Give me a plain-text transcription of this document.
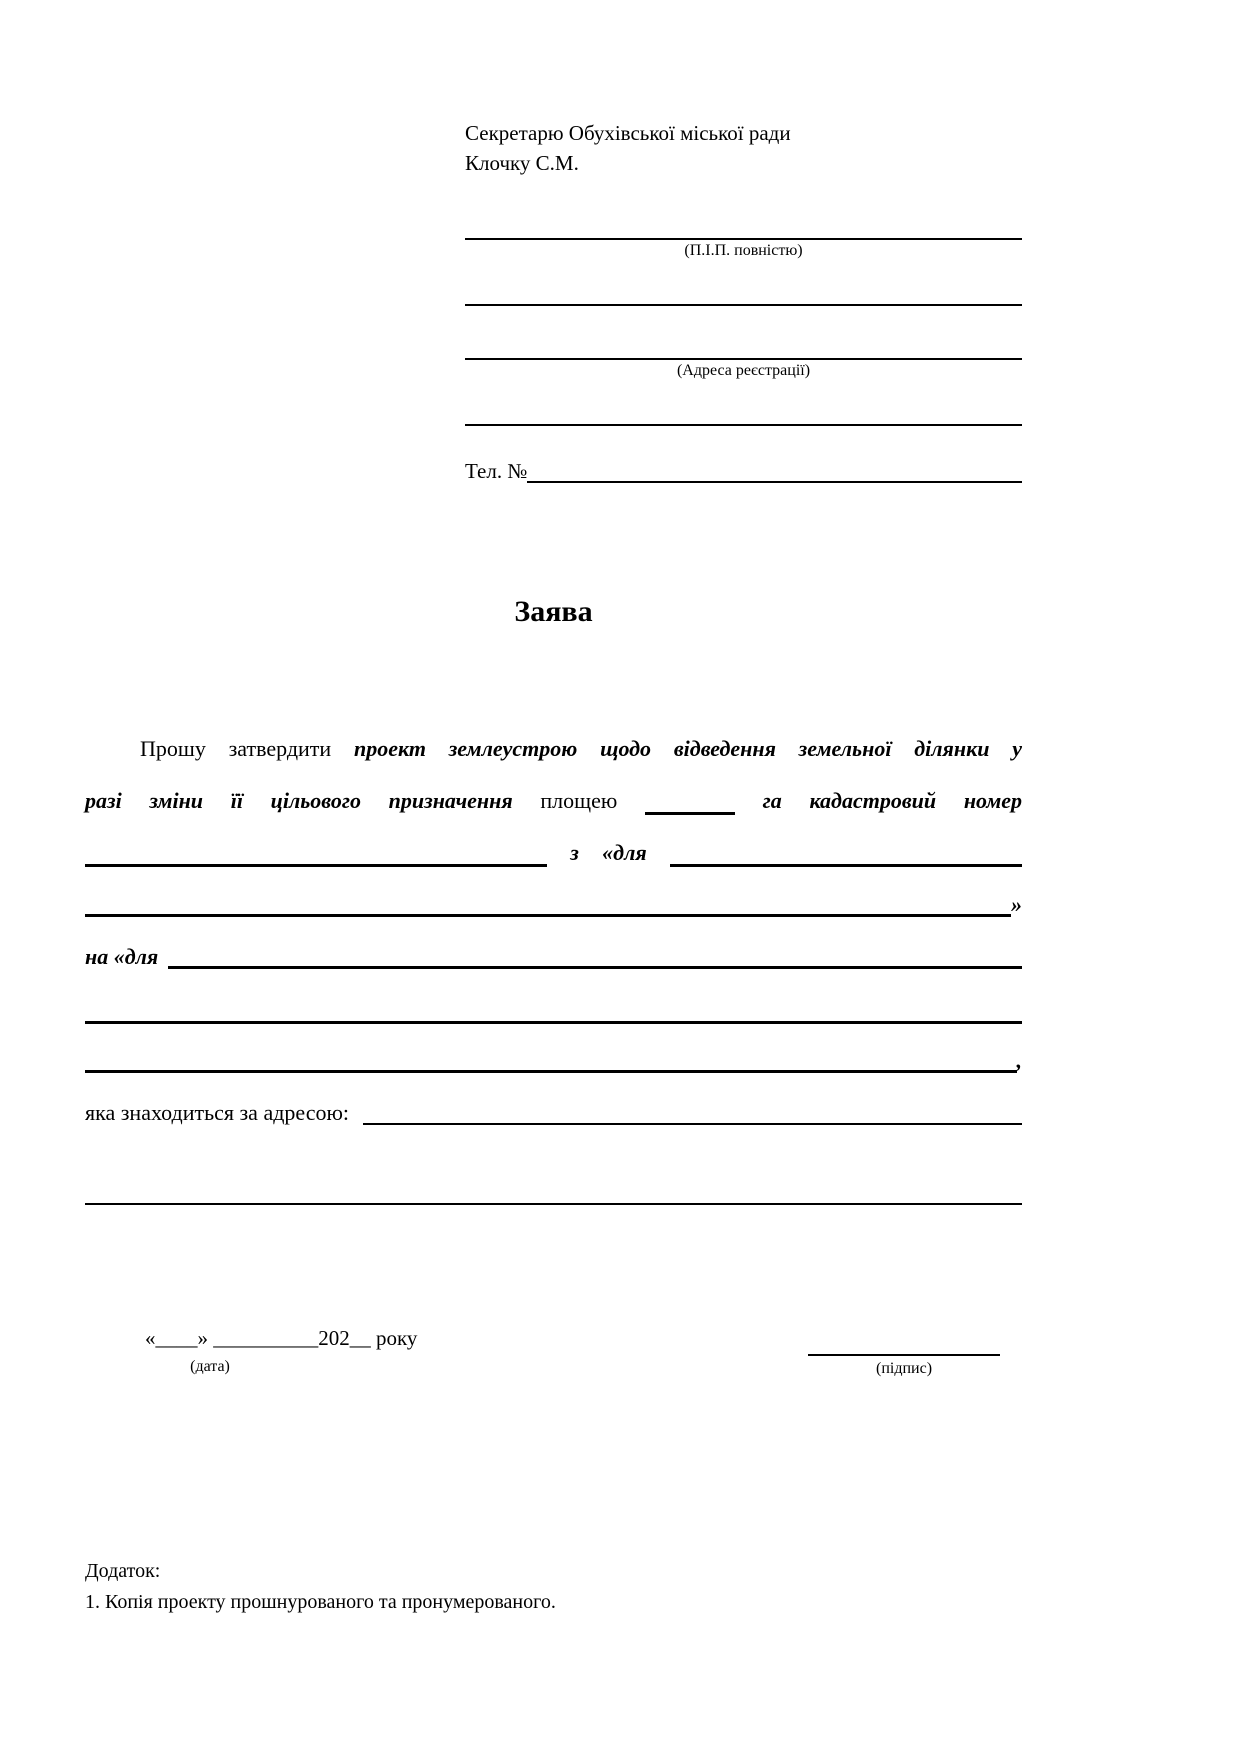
Секретарю Обухівської міської ради
Клочку С.М.
(П.І.П. повністю)
(Адреса реєстрації)
Тел. №
Заява
Прошу затвердити проект землеустрою щодо відведення земельної ділянки у
разі зміни її цільового призначення площею	га кадастровий номер
з «для
»
на «для
,
яка знаходиться за адресою:
«____» __________202__ року
(дата)	(підпис)
Додаток:
1. Копія проекту прошнурованого та пронумерованого.
